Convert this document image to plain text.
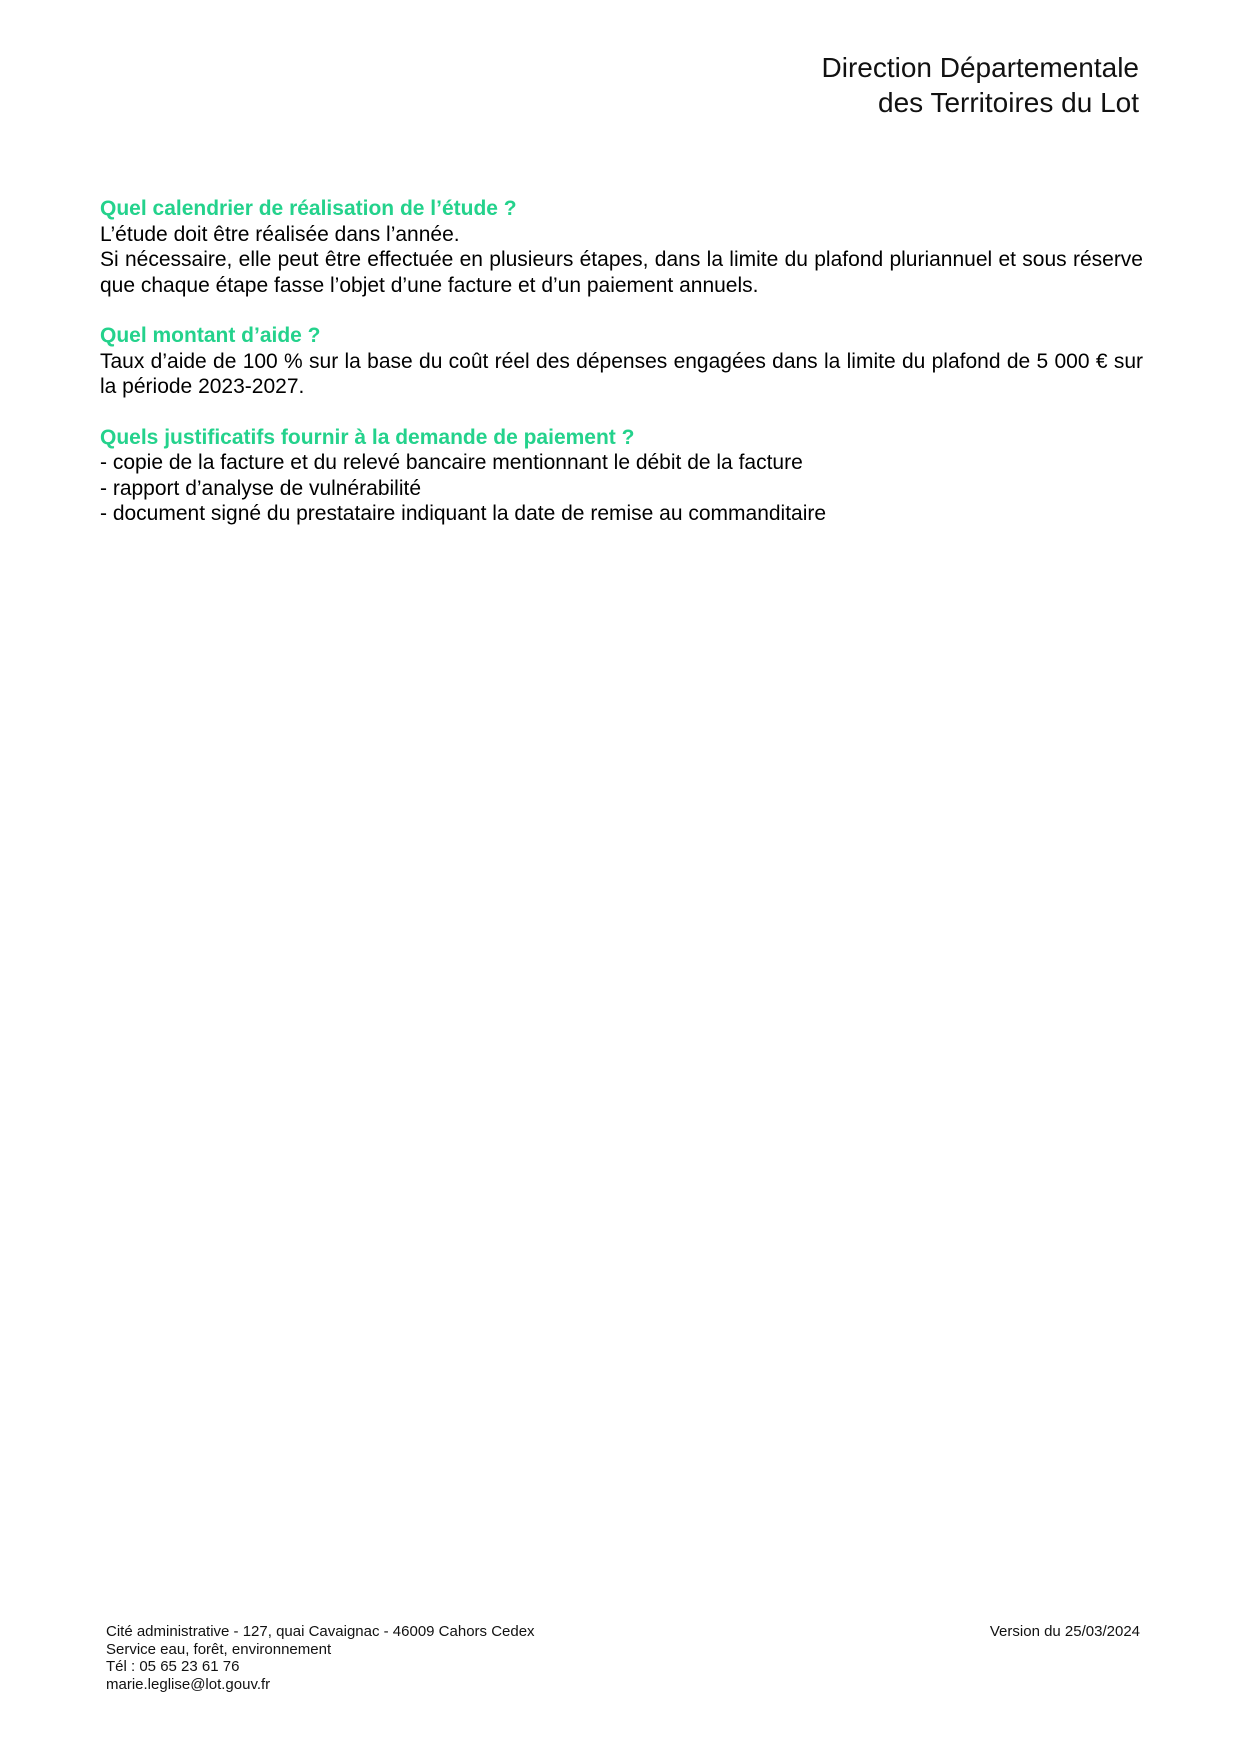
Direction Départementale
des Territoires du Lot
Quel calendrier de réalisation de l’étude ?
L’étude doit être réalisée dans l’année.
Si nécessaire, elle peut être effectuée en plusieurs étapes, dans la limite du plafond pluriannuel et sous réserve que chaque étape fasse l’objet d’une facture et d’un paiement annuels.
Quel montant d’aide ?
Taux d’aide de 100 % sur la base du coût réel des dépenses engagées dans la limite du plafond de 5 000 € sur la période 2023-2027.
Quels justificatifs fournir à la demande de paiement ?
- copie de la facture et du relevé bancaire mentionnant le débit de la facture
- rapport d’analyse de vulnérabilité
- document signé du prestataire indiquant la date de remise au commanditaire
Cité administrative - 127, quai Cavaignac - 46009 Cahors Cedex
Service eau, forêt, environnement
Tél : 05 65 23 61 76
marie.leglise@lot.gouv.fr
Version du 25/03/2024
